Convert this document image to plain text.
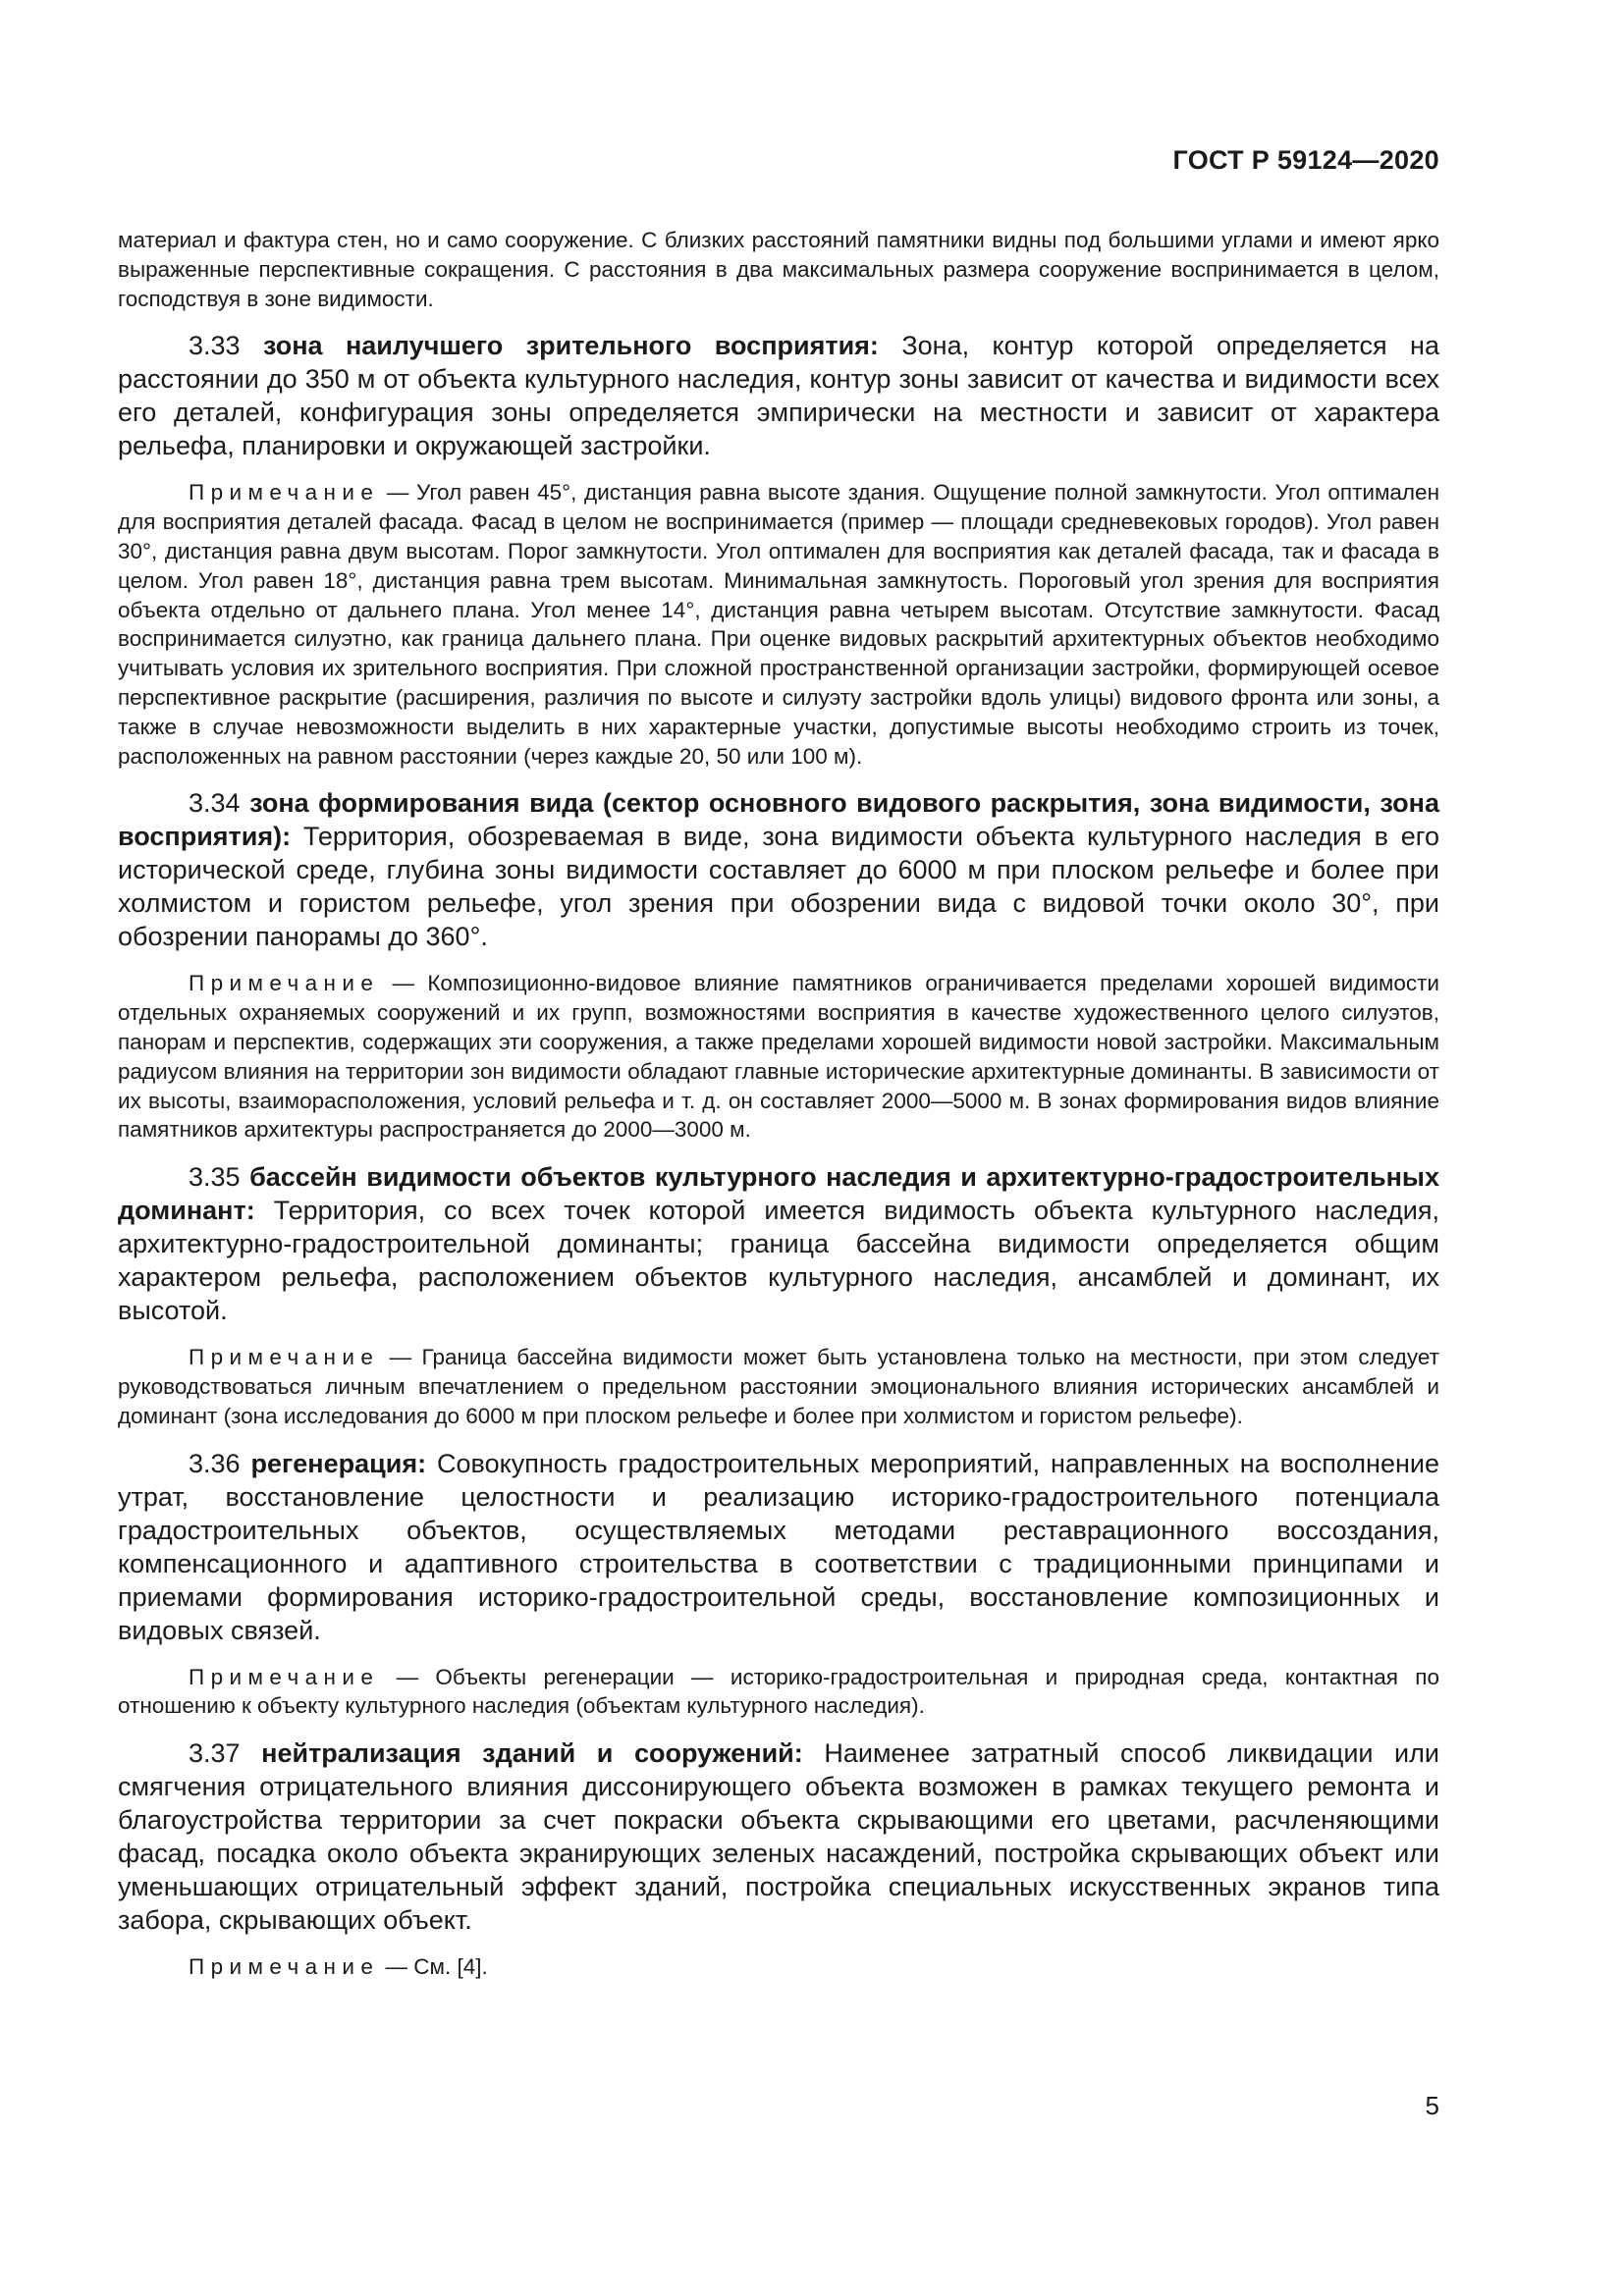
ГОСТ Р 59124—2020

материал и фактура стен, но и само сооружение. С близких расстояний памятники видны под большими углами и имеют ярко выраженные перспективные сокращения. С расстояния в два максимальных размера сооружение воспринимается в целом, господствуя в зоне видимости.

3.33 зона наилучшего зрительного восприятия: Зона, контур которой определяется на расстоянии до 350 м от объекта культурного наследия, контур зоны зависит от качества и видимости всех его деталей, конфигурация зоны определяется эмпирически на местности и зависит от характера рельефа, планировки и окружающей застройки.

Примечание — Угол равен 45°, дистанция равна высоте здания. Ощущение полной замкнутости. Угол оптимален для восприятия деталей фасада. Фасад в целом не воспринимается (пример — площади средневековых городов). Угол равен 30°, дистанция равна двум высотам. Порог замкнутости. Угол оптимален для восприятия как деталей фасада, так и фасада в целом. Угол равен 18°, дистанция равна трем высотам. Минимальная замкнутость. Пороговый угол зрения для восприятия объекта отдельно от дальнего плана. Угол менее 14°, дистанция равна четырем высотам. Отсутствие замкнутости. Фасад воспринимается силуэтно, как граница дальнего плана. При оценке видовых раскрытий архитектурных объектов необходимо учитывать условия их зрительного восприятия. При сложной пространственной организации застройки, формирующей осевое перспективное раскрытие (расширения, различия по высоте и силуэту застройки вдоль улицы) видового фронта или зоны, а также в случае невозможности выделить в них характерные участки, допустимые высоты необходимо строить из точек, расположенных на равном расстоянии (через каждые 20, 50 или 100 м).

3.34 зона формирования вида (сектор основного видового раскрытия, зона видимости, зона восприятия): Территория, обозреваемая в виде, зона видимости объекта культурного наследия в его исторической среде, глубина зоны видимости составляет до 6000 м при плоском рельефе и более при холмистом и гористом рельефе, угол зрения при обозрении вида с видовой точки около 30°, при обозрении панорамы до 360°.

Примечание — Композиционно-видовое влияние памятников ограничивается пределами хорошей видимости отдельных охраняемых сооружений и их групп, возможностями восприятия в качестве художественного целого силуэтов, панорам и перспектив, содержащих эти сооружения, а также пределами хорошей видимости новой застройки. Максимальным радиусом влияния на территории зон видимости обладают главные исторические архитектурные доминанты. В зависимости от их высоты, взаиморасположения, условий рельефа и т. д. он составляет 2000—5000 м. В зонах формирования видов влияние памятников архитектуры распространяется до 2000—3000 м.

3.35 бассейн видимости объектов культурного наследия и архитектурно-градостроительных доминант: Территория, со всех точек которой имеется видимость объекта культурного наследия, архитектурно-градостроительной доминанты; граница бассейна видимости определяется общим характером рельефа, расположением объектов культурного наследия, ансамблей и доминант, их высотой.

Примечание — Граница бассейна видимости может быть установлена только на местности, при этом следует руководствоваться личным впечатлением о предельном расстоянии эмоционального влияния исторических ансамблей и доминант (зона исследования до 6000 м при плоском рельефе и более при холмистом и гористом рельефе).

3.36 регенерация: Совокупность градостроительных мероприятий, направленных на восполнение утрат, восстановление целостности и реализацию историко-градостроительного потенциала градостроительных объектов, осуществляемых методами реставрационного воссоздания, компенсационного и адаптивного строительства в соответствии с традиционными принципами и приемами формирования историко-градостроительной среды, восстановление композиционных и видовых связей.

Примечание — Объекты регенерации — историко-градостроительная и природная среда, контактная по отношению к объекту культурного наследия (объектам культурного наследия).

3.37 нейтрализация зданий и сооружений: Наименее затратный способ ликвидации или смягчения отрицательного влияния диссонирующего объекта возможен в рамках текущего ремонта и благоустройства территории за счет покраски объекта скрывающими его цветами, расчленяющими фасад, посадка около объекта экранирующих зеленых насаждений, постройка скрывающих объект или уменьшающих отрицательный эффект зданий, постройка специальных искусственных экранов типа забора, скрывающих объект.

Примечание — См. [4].

5
